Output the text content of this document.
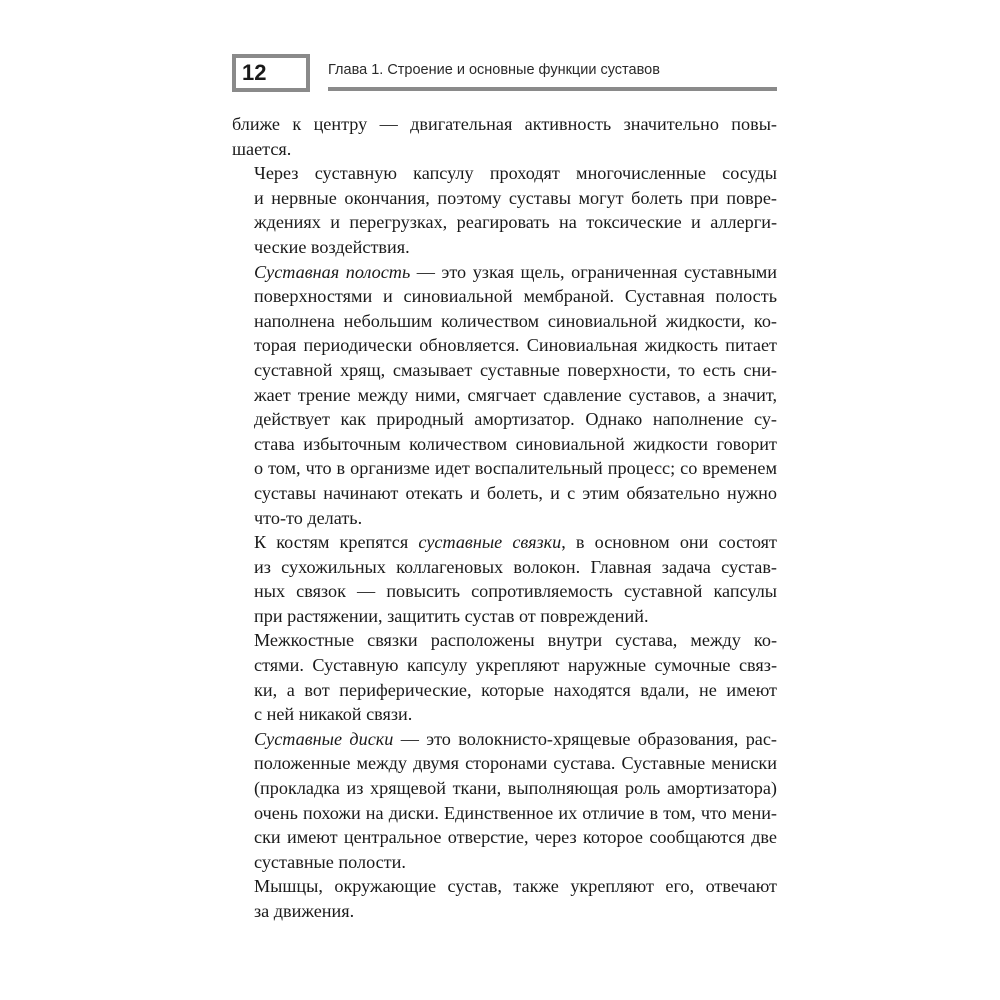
12	Глава 1. Строение и основные функции суставов

ближе к центру — двигательная активность значительно повы-
шается.

Через суставную капсулу проходят многочисленные сосуды
и нервные окончания, поэтому суставы могут болеть при повре-
ждениях и перегрузках, реагировать на токсические и аллерги-
ческие воздействия.

Суставная полость — это узкая щель, ограниченная суставными
поверхностями и синовиальной мембраной. Суставная полость
наполнена небольшим количеством синовиальной жидкости, ко-
торая периодически обновляется. Синовиальная жидкость питает
суставной хрящ, смазывает суставные поверхности, то есть сни-
жает трение между ними, смягчает сдавление суставов, а значит,
действует как природный амортизатор. Однако наполнение су-
става избыточным количеством синовиальной жидкости говорит
о том, что в организме идет воспалительный процесс; со временем
суставы начинают отекать и болеть, и с этим обязательно нужно
что-то делать.

К костям крепятся суставные связки, в основном они состоят
из сухожильных коллагеновых волокон. Главная задача сустав-
ных связок — повысить сопротивляемость суставной капсулы
при растяжении, защитить сустав от повреждений.

Межкостные связки расположены внутри сустава, между ко-
стями. Суставную капсулу укрепляют наружные сумочные связ-
ки, а вот периферические, которые находятся вдали, не имеют
с ней никакой связи.

Суставные диски — это волокнисто-хрящевые образования, рас-
положенные между двумя сторонами сустава. Суставные мениски
(прокладка из хрящевой ткани, выполняющая роль амортизатора)
очень похожи на диски. Единственное их отличие в том, что мени-
ски имеют центральное отверстие, через которое сообщаются две
суставные полости.

Мышцы, окружающие сустав, также укрепляют его, отвечают
за движения.
